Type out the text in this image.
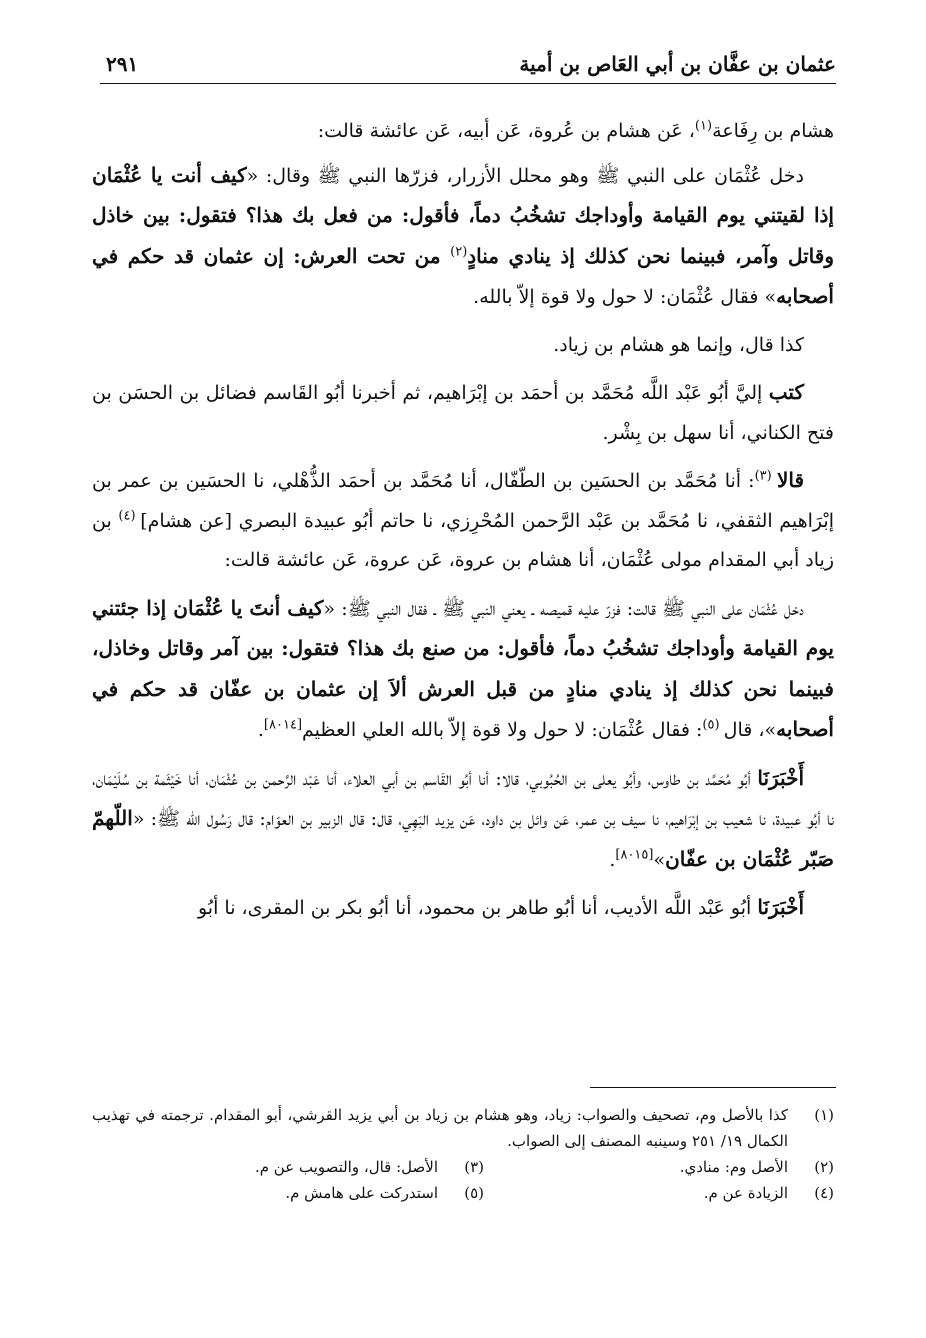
عثمان بن عفَّان بن أبي العَاص بن أمية
٢٩١

هشام بن رِفَاعة$^{(١)}$، عَن هشام بن عُروة، عَن أبيه، عَن عائشة قالت:

دخل عُثْمَان على النبي ﷺ وهو محلل الأزرار، فزرّها النبي ﷺ وقال: «كيف أنت يا عُثْمَان إذا لقيتني يوم القيامة وأوداجك تشخُبُ دماً، فأقول: من فعل بك هذا؟ فتقول: بين خاذل وقاتل وآمر، فبينما نحن كذلك إذ ينادي منادٍ$^{(٢)}$ من تحت العرش: إن عثمان قد حكم في أصحابه» فقال عُثْمَان: لا حول ولا قوة إلاّ بالله.

كذا قال، وإنما هو هشام بن زياد.

كتب إليَّ أبُو عَبْد اللَّه مُحَمَّد بن أحمَد بن إبْرَاهيم، ثم أخبرنا أبُو القَاسم فضائل بن الحسَن بن فتح الكناني، أنا سهل بن بِشْر.

قالا $^{(٣)}$: أنا مُحَمَّد بن الحسَين بن الطّفّال، أنا مُحَمَّد بن أحمَد الذُّهْلي، نا الحسَين بن عمر بن إبْرَاهيم الثقفي، نا مُحَمَّد بن عَبْد الرَّحمن المُحْرِزي، نا حاتم أبُو عبيدة البصري [عن هشام] $^{(٤)}$ بن زياد أبي المقدام مولى عُثْمَان، أنا هشام بن عروة، عَن عروة، عَن عائشة قالت:

دخل عُثْمَان على النبي ﷺ قالت: فزرّ عليه قميصه ـ يعني النبي ﷺ ـ فقال النبي ﷺ: «كيف أنتَ يا عُثْمَان إذا جئتني يوم القيامة وأوداجك تشخُبُ دماً، فأقول: من صنع بك هذا؟ فتقول: بين آمر وقاتل وخاذل، فبينما نحن كذلك إذ ينادي منادٍ من قبل العرش ألاَ إن عثمان بن عفّان قد حكم في أصحابه»، قال $^{(٥)}$: فقال عُثْمَان: لا حول ولا قوة إلاّ بالله العلي العظيم[٨٠١٤].

أَخْبَرَنَا أبُو مُحَمَّد بن طاوس، وأبُو يعلى بن الحُبُوبي، قالا: أنا أبُو القَاسم بن أبي العلاء، أنا عَبْد الرَّحمن بن عُثْمَان، أنا خَيْثَمة بن سُلَيْمَان، نا أبُو عبيدة، نا شعيب بن إبْرَاهيم، نا سيف بن عمر، عَن وائل بن داود، عَن يزيد البَهِي، قال: قال الزبير بن العوّام: قال رَسُول الله ﷺ: «اللّهمّ صَبّر عُثْمَان بن عفّان»[٨٠١٥].

أَخْبَرَنَا أبُو عَبْد اللَّه الأديب، أنا أبُو طاهر بن محمود، أنا أبُو بكر بن المقرى، نا أبُو

(١)
كذا بالأصل وم، تصحيف والصواب: زياد، وهو هشام بن زياد بن أبي يزيد القرشي، أبو المقدام. ترجمته في تهذيب الكمال ١٩/ ٢٥١ وسينبه المصنف إلى الصواب.
(٢)
الأصل وم: منادي.
(٣)
الأصل: قال، والتصويب عن م.
(٤)
الزيادة عن م.
(٥)
استدركت على هامش م.
